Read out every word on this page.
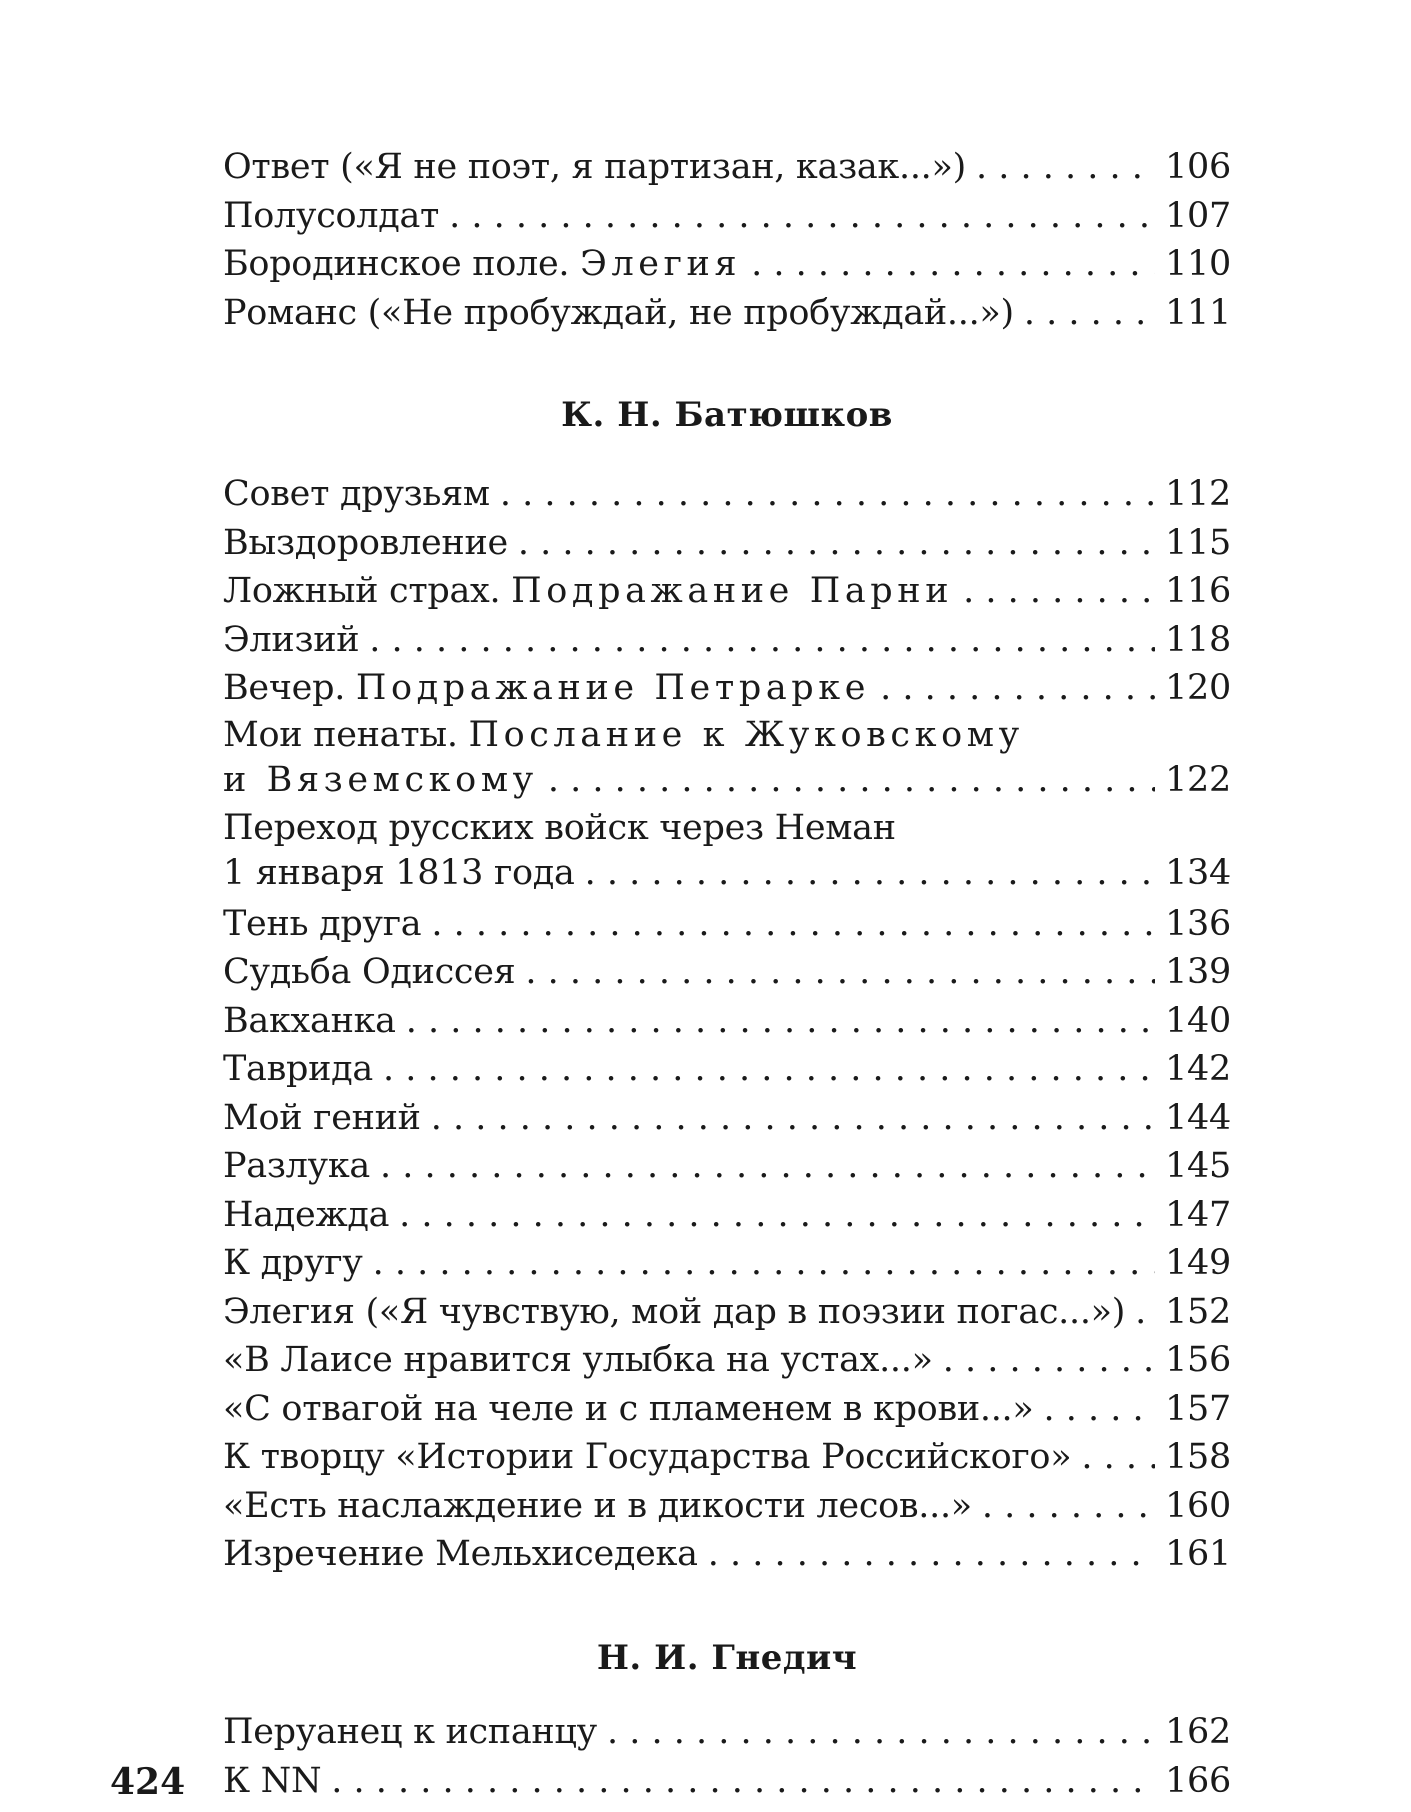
Ответ («Я не поэт, я партизан, казак...») . . .	106
Полусолдат . . .	107
Бородинское поле. Элегия . . .	110
Романс («Не пробуждай, не пробуждай...») . . .	111
К. Н. Батюшков
Совет друзьям . . .	112
Выздоровление . . .	115
Ложный страх. Подражание Парни . . .	116
Элизий . . .	118
Вечер. Подражание Петрарке . . .	120
Мои пенаты. Послание к Жуковскому
и Вяземскому . . .	122
Переход русских войск через Неман
1 января 1813 года . . .	134
Тень друга . . .	136
Судьба Одиссея . . .	139
Вакханка . . .	140
Таврида . . .	142
Мой гений . . .	144
Разлука . . .	145
Надежда . . .	147
К другу . . .	149
Элегия («Я чувствую, мой дар в поэзии погас...») . . . 152
«В Лаисе нравится улыбка на устах...» . . .	156
«С отвагой на челе и с пламенем в крови...» . . .	157
К творцу «Истории Государства Российского» . . .	158
«Есть наслаждение и в дикости лесов...» . . .	160
Изречение Мельхиседека . . .	161
Н. И. Гнедич
Перуанец к испанцу . . .	162
К NN . . .	166
424
